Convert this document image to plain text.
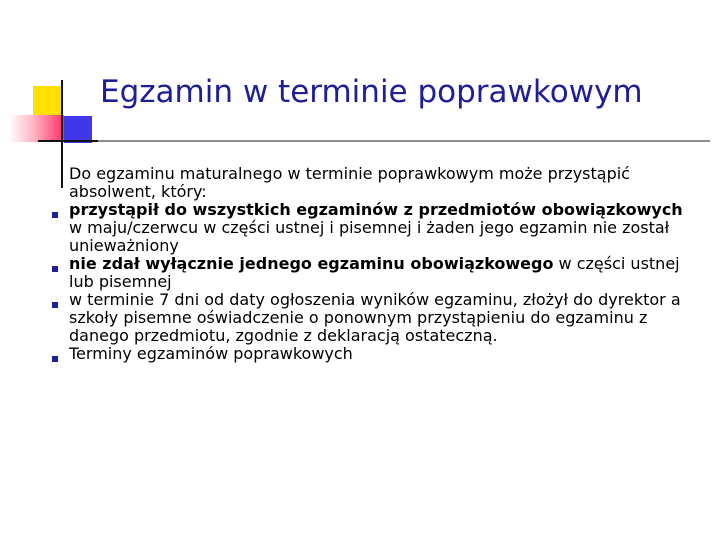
Egzamin w terminie poprawkowym

Do egzaminu maturalnego w terminie poprawkowym może przystąpić absolwent, który:

przystąpił do wszystkich egzaminów z przedmiotów obowiązkowych w maju/czerwcu w części ustnej i pisemnej i żaden jego egzamin nie został unieważniony
nie zdał wyłącznie jednego egzaminu obowiązkowego w części ustnej lub pisemnej
w terminie 7 dni od daty ogłoszenia wyników egzaminu, złożył do dyrektor a szkoły pisemne oświadczenie o ponownym przystąpieniu do egzaminu z danego przedmiotu, zgodnie z deklaracją ostateczną.
Terminy egzaminów poprawkowych
